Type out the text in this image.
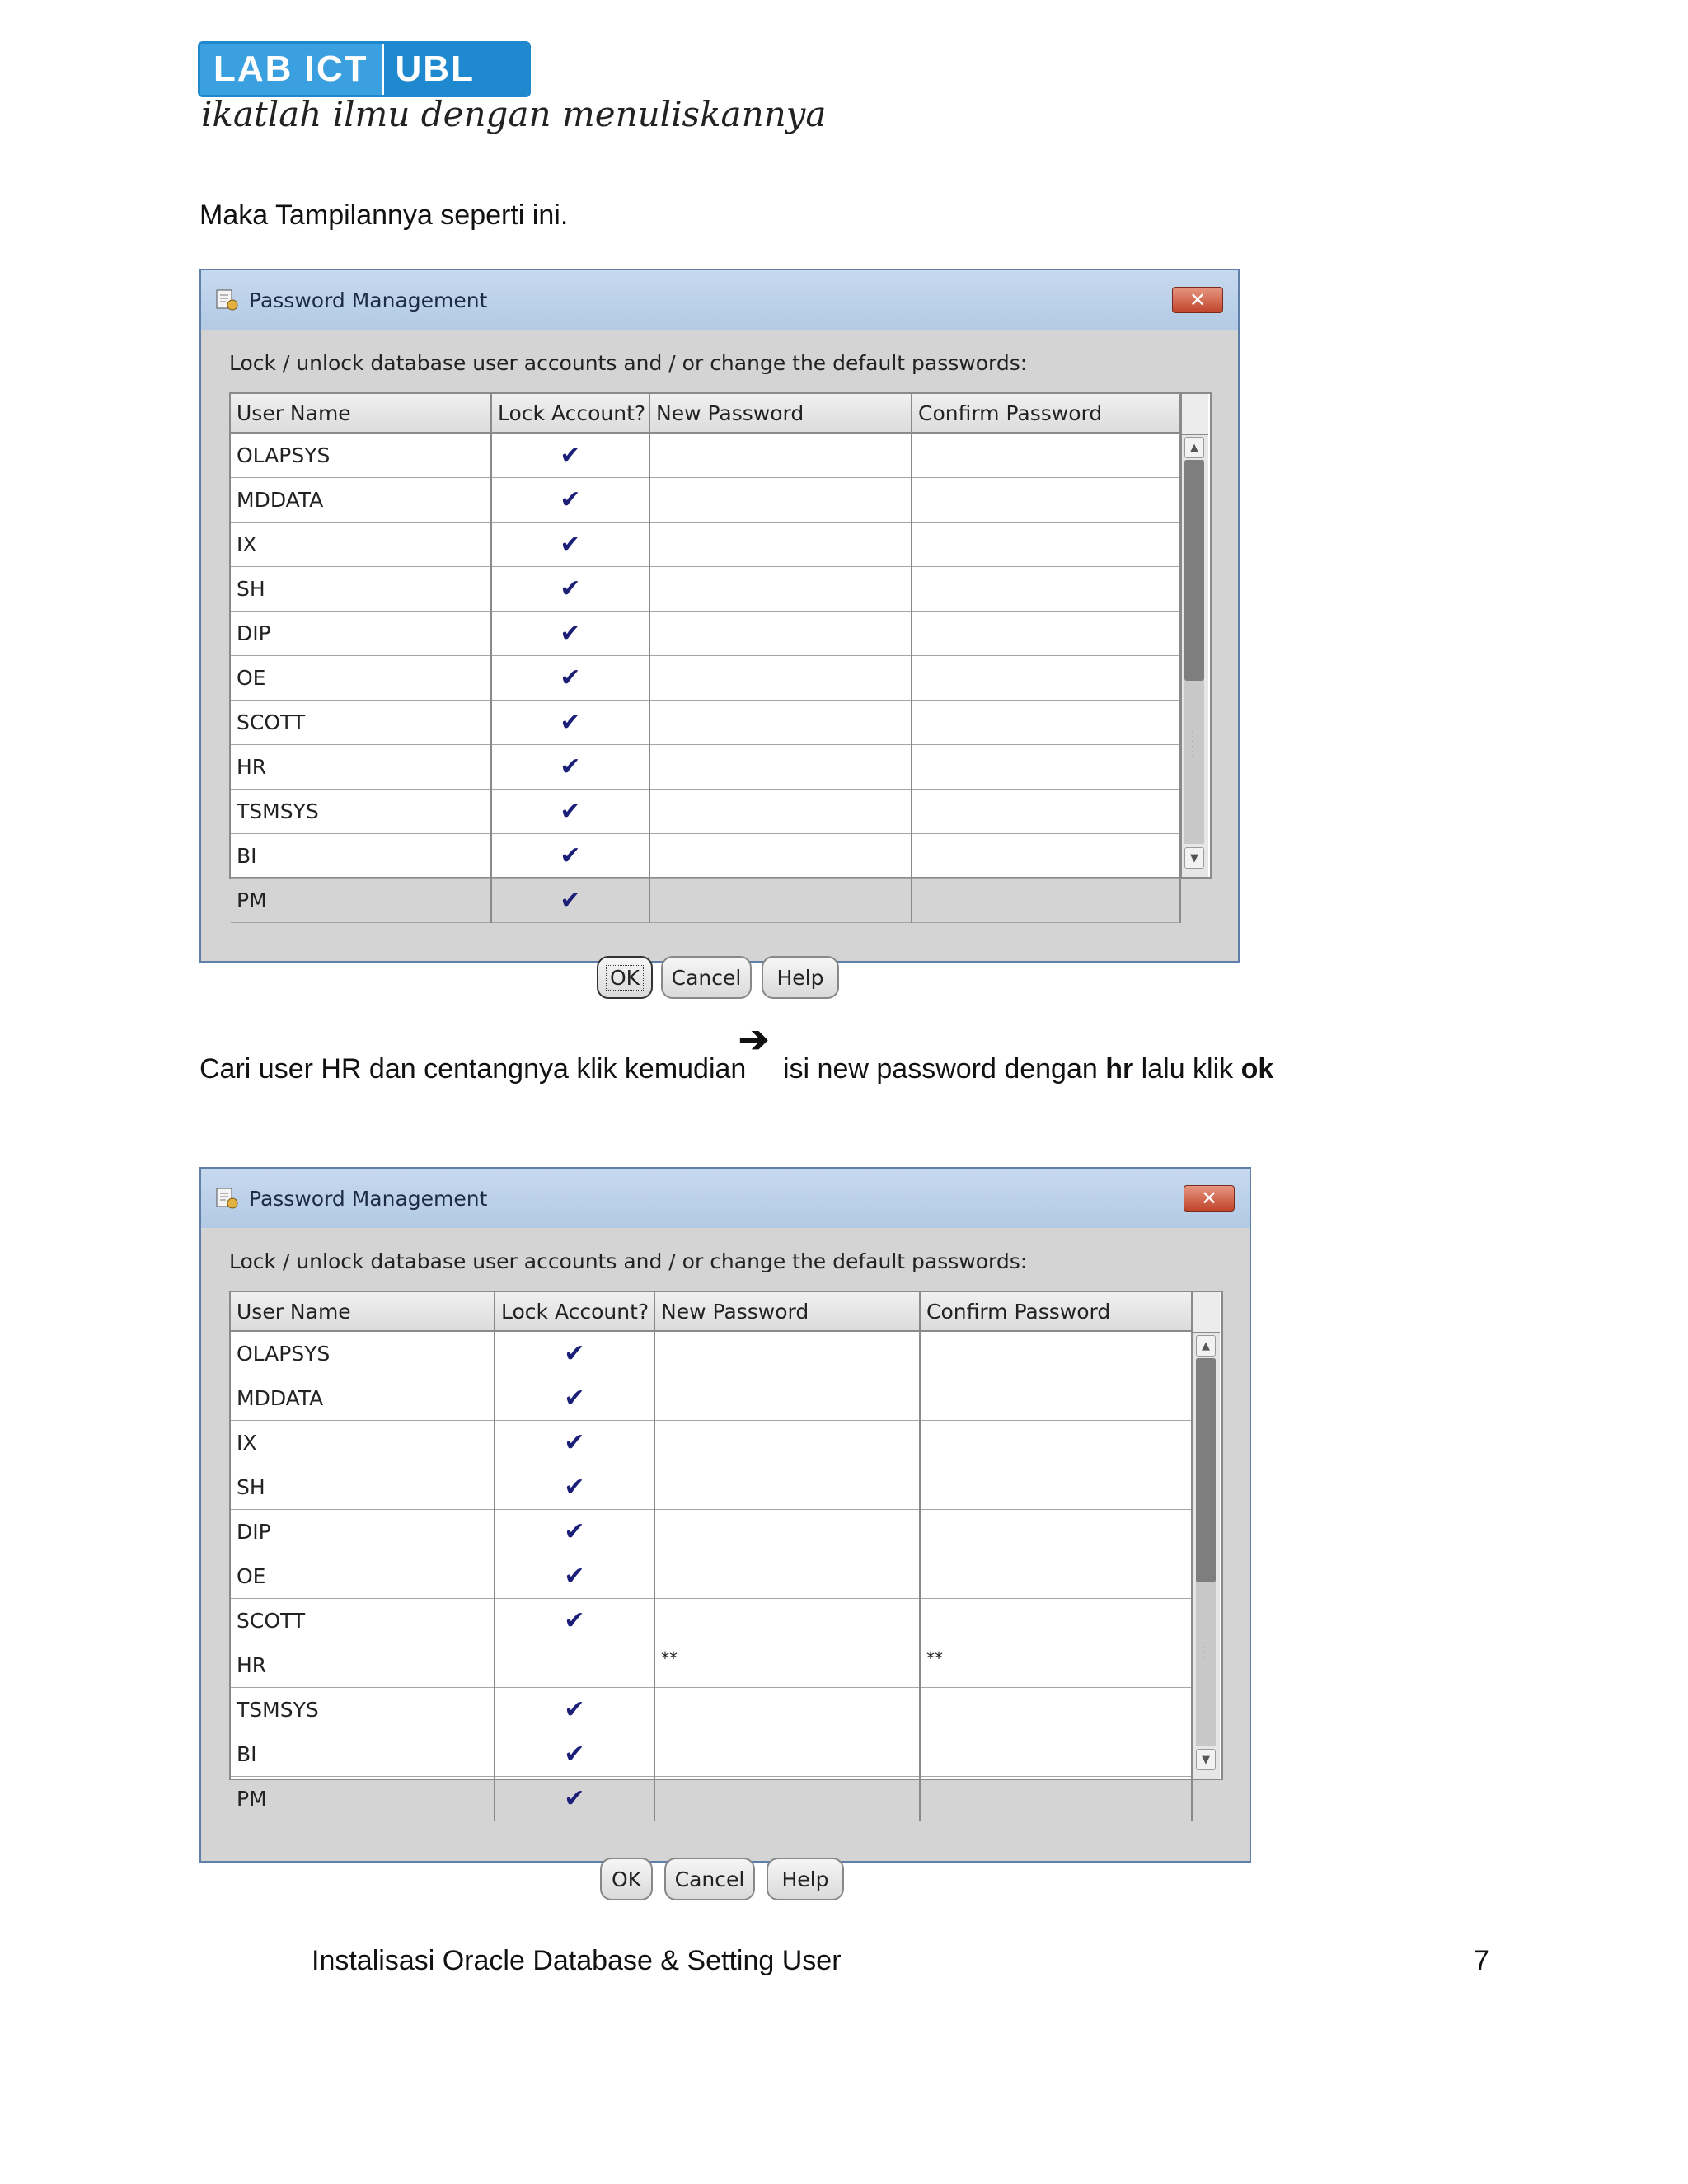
LAB ICT UBL
ikatlah ilmu dengan menuliskannya
Maka Tampilannya seperti ini.
Password Management	✕
Lock / unlock database user accounts and / or change the default passwords:
User Name	Lock Account?	New Password	Confirm Password
OLAPSYS	✔		
MDDATA	✔		
IX	✔		
SH	✔		
DIP	✔		
OE	✔		
SCOTT	✔		
HR	✔		
TSMSYS	✔		
BI	✔		
PM	✔		
▲
⁚
⁚
⁚
▼
OK	Cancel	Help
Cari user HR dan centangnya klik kemudian
➔
isi new password dengan hr lalu klik ok
Password Management	✕
Lock / unlock database user accounts and / or change the default passwords:
User Name	Lock Account?	New Password	Confirm Password
OLAPSYS	✔		
MDDATA	✔		
IX	✔		
SH	✔		
DIP	✔		
OE	✔		
SCOTT	✔		
HR		**	**
TSMSYS	✔		
BI	✔		
PM	✔		
▲
⁚
⁚
⁚
▼
OK	Cancel	Help
Instalisasi Oracle Database & Setting User	7
